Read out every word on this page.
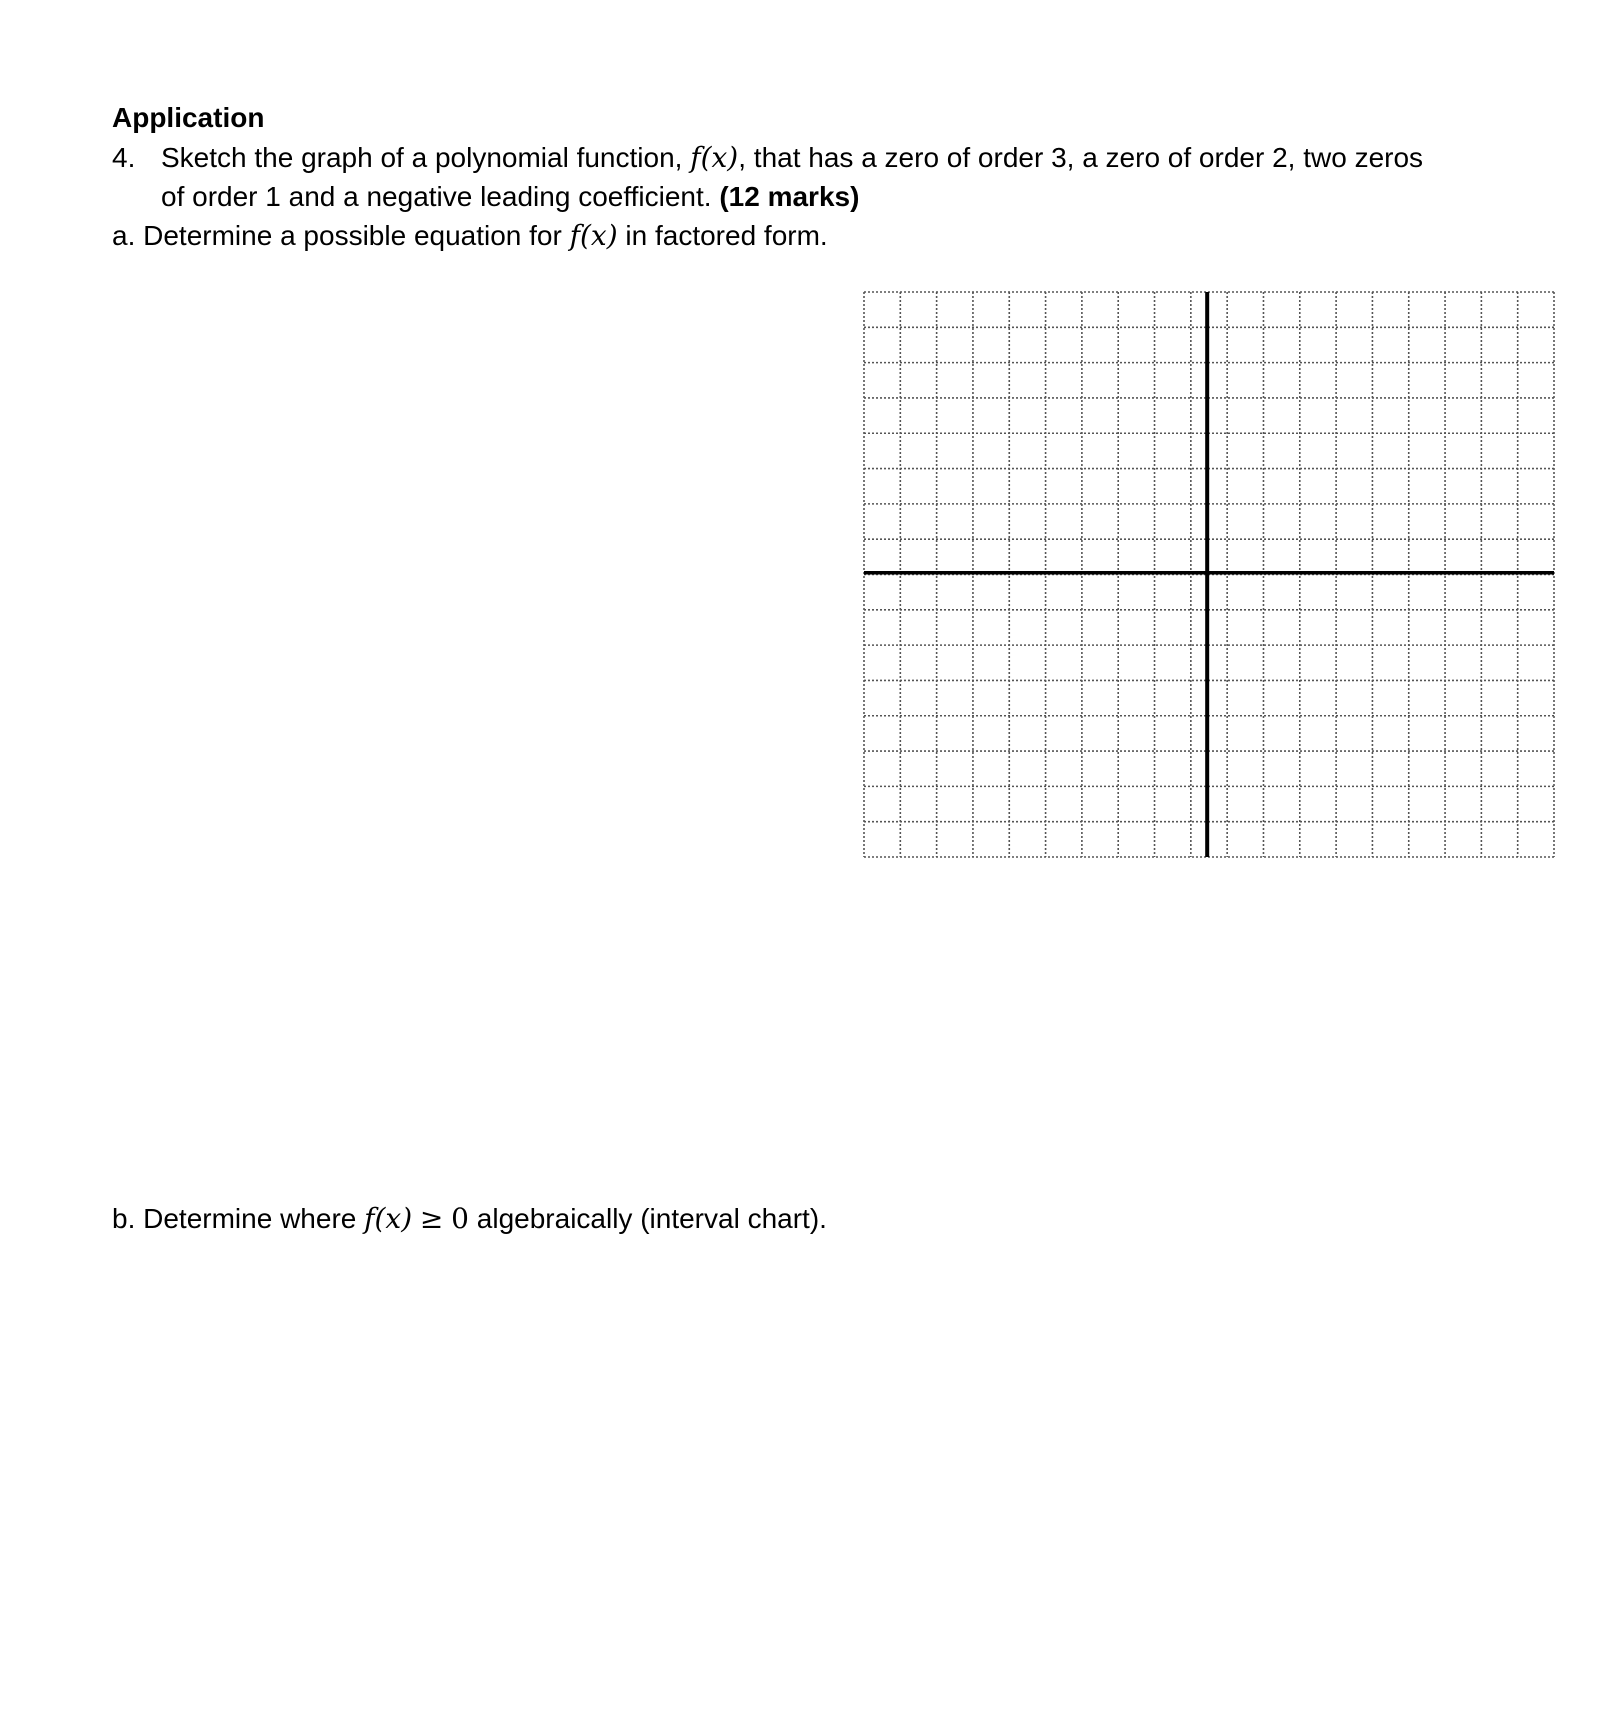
Application
4. Sketch the graph of a polynomial function, f(x), that has a zero of order 3, a zero of order 2, two zeros
of order 1 and a negative leading coefficient. (12 marks)
a. Determine a possible equation for f(x) in factored form.
b. Determine where f(x) ≥ 0 algebraically (interval chart).
